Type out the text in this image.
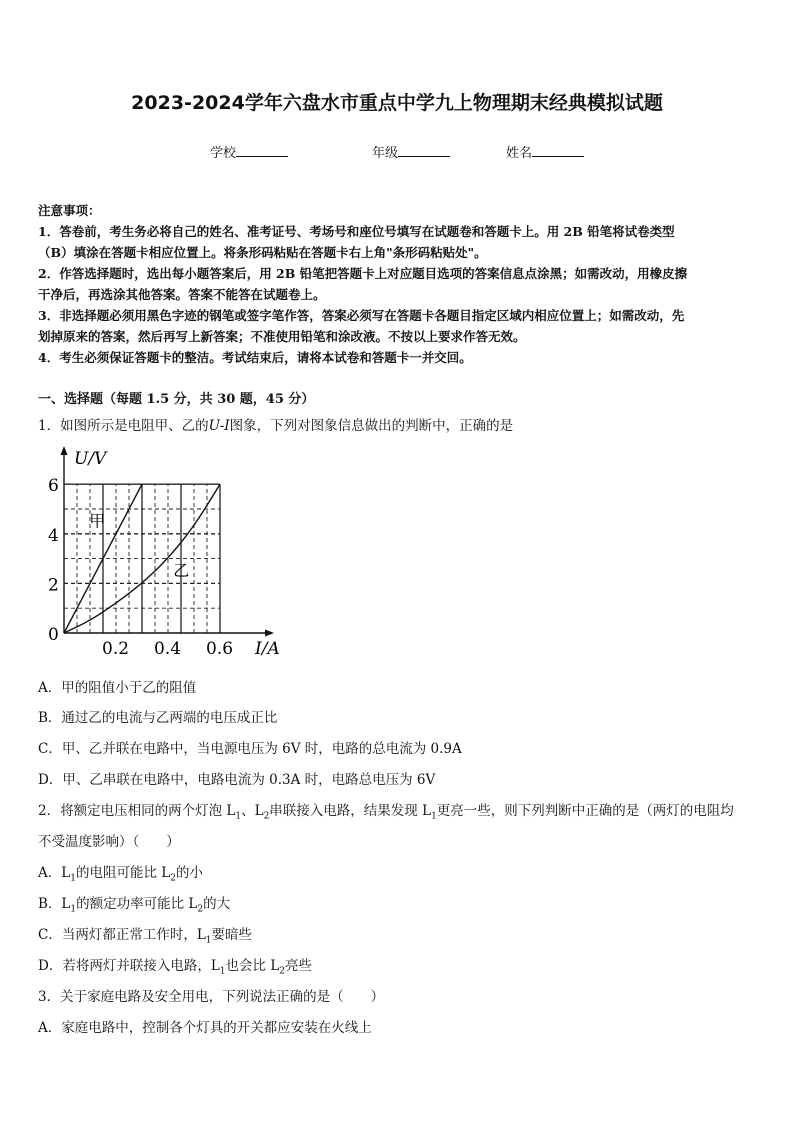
2023-2024学年六盘水市重点中学九上物理期末经典模拟试题
学校	年级	姓名
注意事项：
1．答卷前，考生务必将自己的姓名、准考证号、考场号和座位号填写在试题卷和答题卡上。用 2B 铅笔将试卷类型
（B）填涂在答题卡相应位置上。将条形码粘贴在答题卡右上角"条形码粘贴处"。
2．作答选择题时，选出每小题答案后，用 2B 铅笔把答题卡上对应题目选项的答案信息点涂黑；如需改动，用橡皮擦
干净后，再选涂其他答案。答案不能答在试题卷上。
3．非选择题必须用黑色字迹的钢笔或签字笔作答，答案必须写在答题卡各题目指定区域内相应位置上；如需改动，先
划掉原来的答案，然后再写上新答案；不准使用铅笔和涂改液。不按以上要求作答无效。
4．考生必须保证答题卡的整洁。考试结束后，请将本试卷和答题卡一并交回。
一、选择题（每题 1.5 分，共 30 题，45 分）
1．如图所示是电阻甲、乙的U-I图象，下列对图象信息做出的判断中，正确的是
U/V
I/A
0
2
4
6
0.2 0.4 0.6
甲
乙
A．甲的阻值小于乙的阻值
B．通过乙的电流与乙两端的电压成正比
C．甲、乙并联在电路中，当电源电压为 6V 时，电路的总电流为 0.9A
D．甲、乙串联在电路中，电路电流为 0.3A 时，电路总电压为 6V
2．将额定电压相同的两个灯泡 $L_1$、$L_2$串联接入电路，结果发现 $L_1$更亮一些，则下列判断中正确的是（两灯的电阻均
不受温度影响）（　　）
A．$L_1$的电阻可能比 $L_2$的小
B．$L_1$的额定功率可能比 $L_2$的大
C．当两灯都正常工作时，$L_1$要暗些
D．若将两灯并联接入电路，$L_1$也会比 $L_2$亮些
3．关于家庭电路及安全用电，下列说法正确的是（　　）
A．家庭电路中，控制各个灯具的开关都应安装在火线上
